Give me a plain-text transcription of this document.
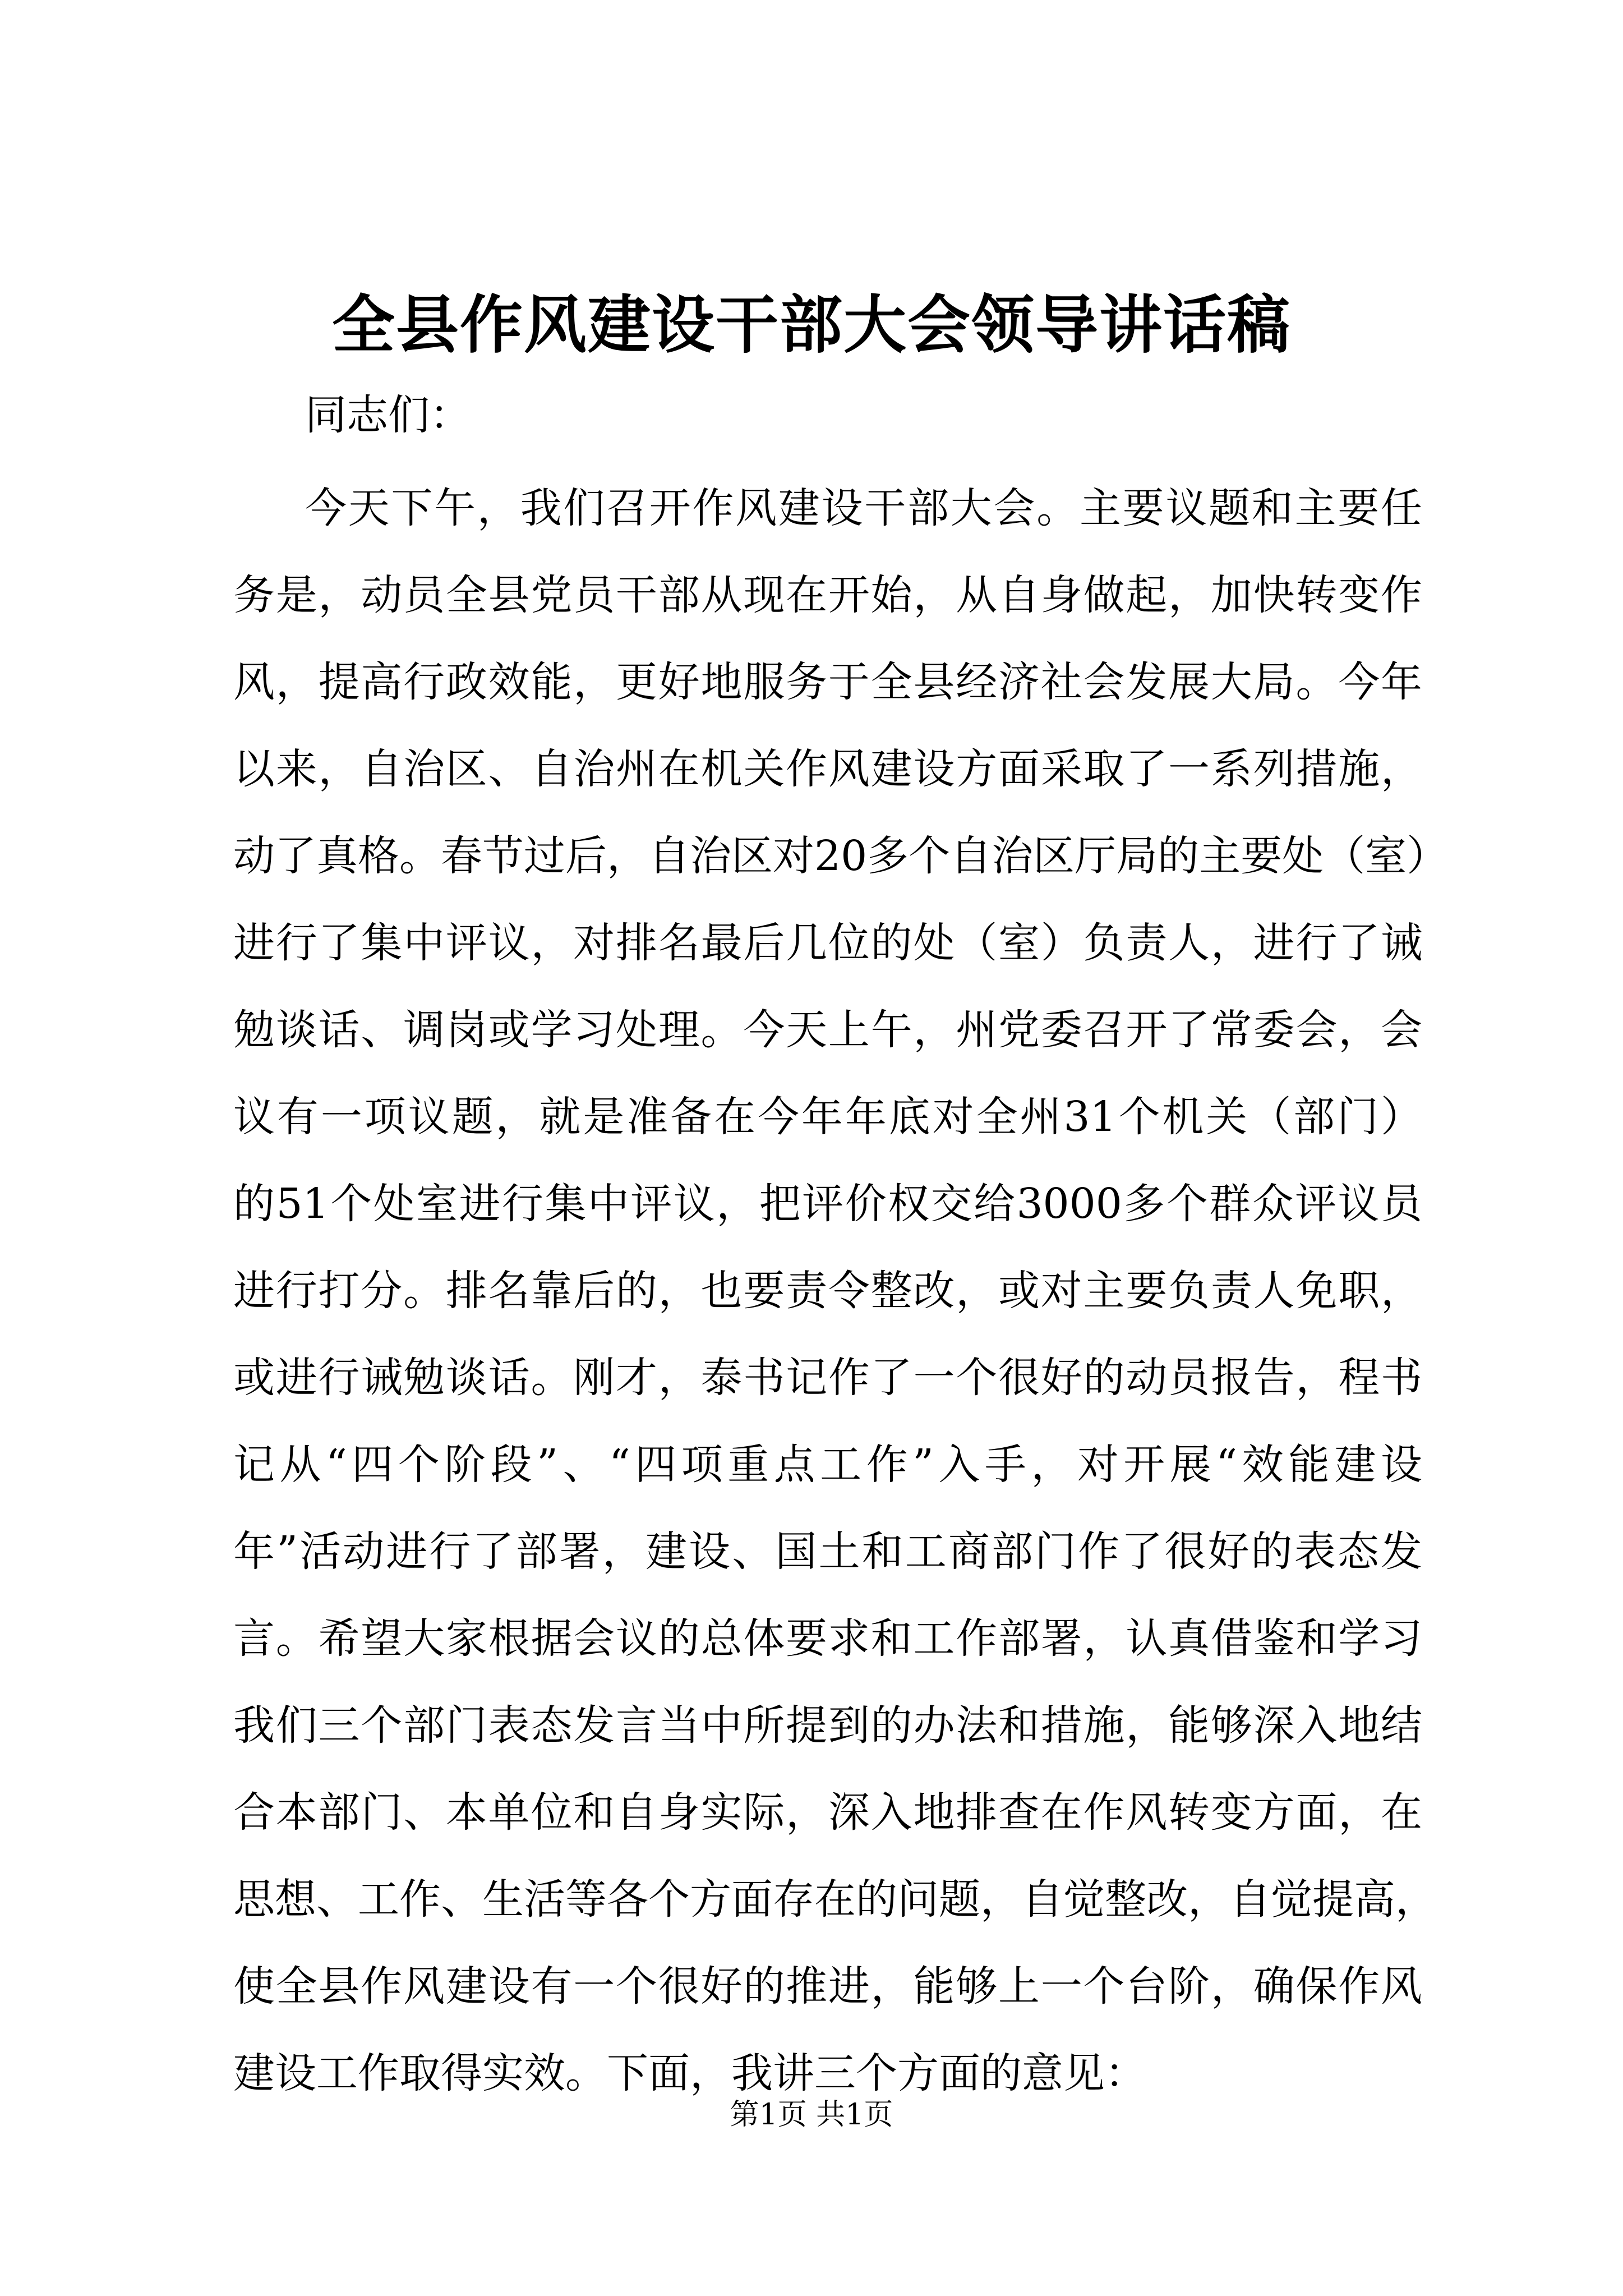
全县作风建设干部大会领导讲话稿
同志们：
今天下午，我们召开作风建设干部大会。主要议题和主要任
务是，动员全县党员干部从现在开始，从自身做起，加快转变作
风，提高行政效能，更好地服务于全县经济社会发展大局。今年
以来，自治区、自治州在机关作风建设方面采取了一系列措施，
动了真格。春节过后，自治区对20多个自治区厅局的主要处（室）
进行了集中评议，对排名最后几位的处（室）负责人，进行了诫
勉谈话、调岗或学习处理。今天上午，州党委召开了常委会，会
议有一项议题，就是准备在今年年底对全州31个机关（部门）
的51个处室进行集中评议，把评价权交给3000多个群众评议员
进行打分。排名靠后的，也要责令整改，或对主要负责人免职，
或进行诫勉谈话。刚才，泰书记作了一个很好的动员报告，程书
记从“四个阶段”、“四项重点工作”入手，对开展“效能建设
年”活动进行了部署，建设、国土和工商部门作了很好的表态发
言。希望大家根据会议的总体要求和工作部署，认真借鉴和学习
我们三个部门表态发言当中所提到的办法和措施，能够深入地结
合本部门、本单位和自身实际，深入地排查在作风转变方面，在
思想、工作、生活等各个方面存在的问题，自觉整改，自觉提高，
使全县作风建设有一个很好的推进，能够上一个台阶，确保作风
建设工作取得实效。下面，我讲三个方面的意见：
第1页 共1页
